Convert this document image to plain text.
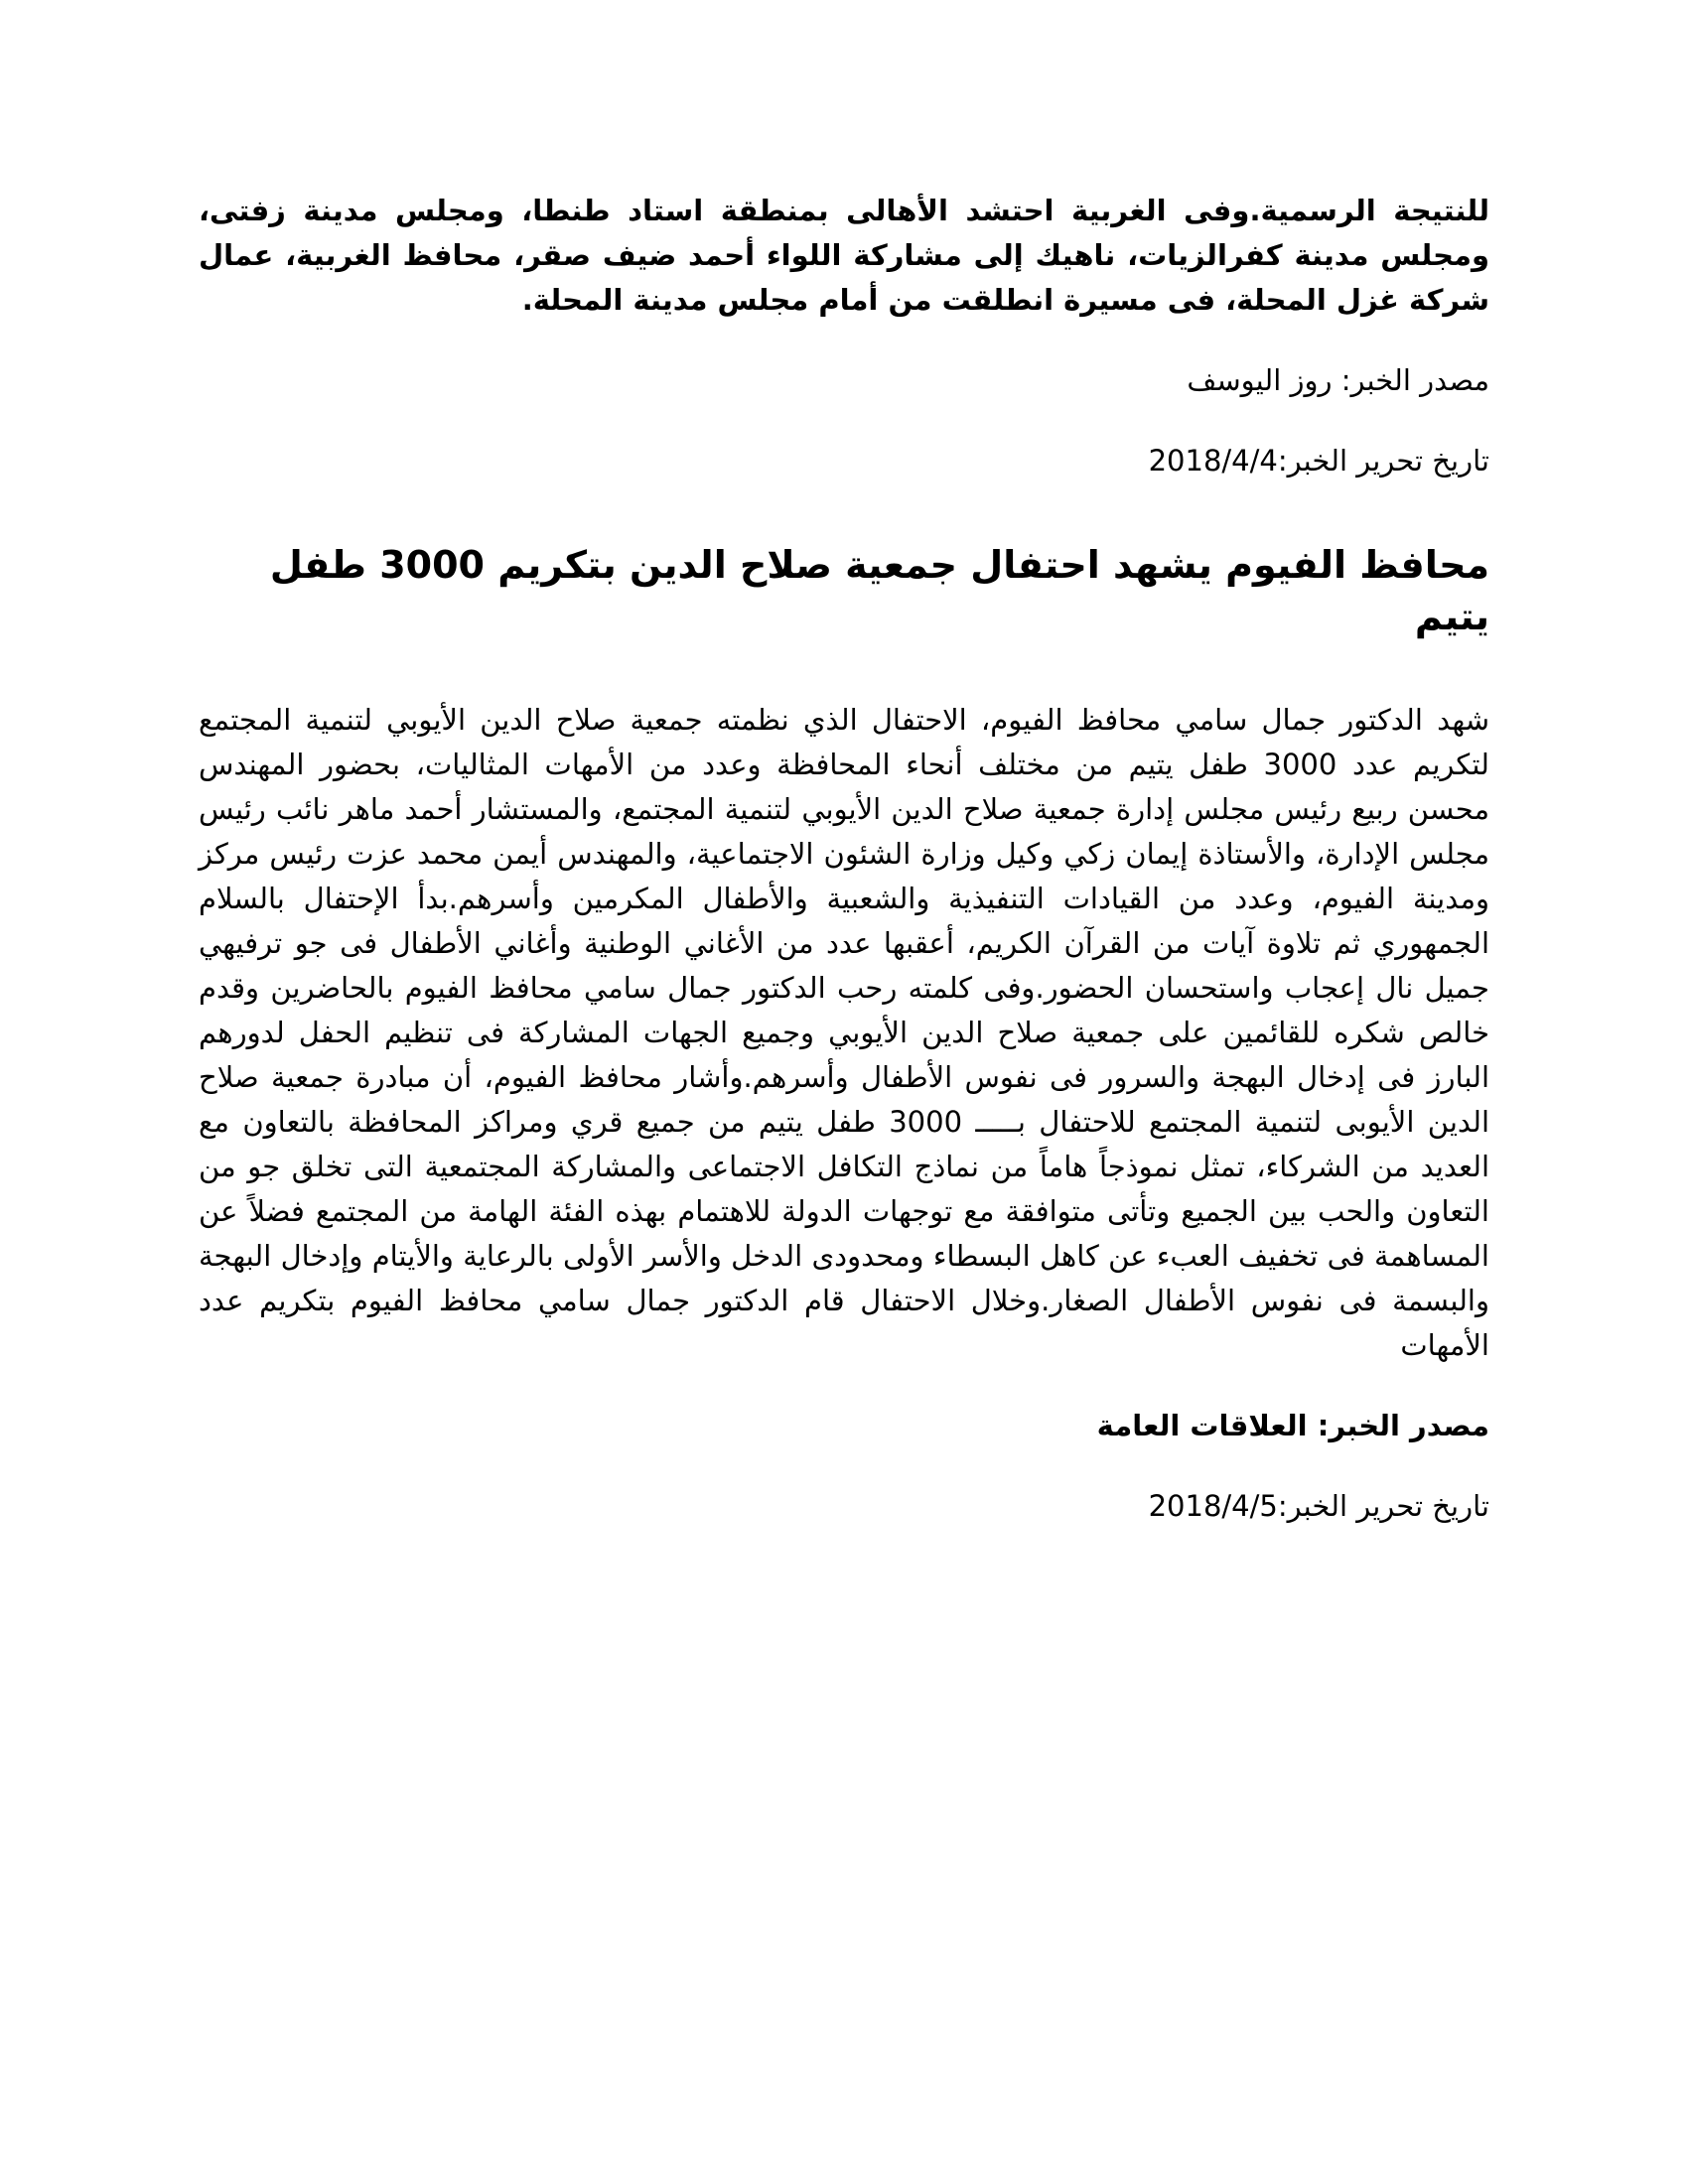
للنتيجة الرسمية.وفى الغربية احتشد الأهالى بمنطقة استاد طنطا، ومجلس مدينة زفتى، ومجلس مدينة كفرالزيات، ناهيك إلى مشاركة اللواء أحمد ضيف صقر، محافظ الغربية، عمال شركة غزل المحلة، فى مسيرة انطلقت من أمام مجلس مدينة المحلة.

مصدر الخبر: روز اليوسف

تاريخ تحرير الخبر:2018/4/4

محافظ الفيوم يشهد احتفال جمعية صلاح الدين بتكريم 3000 طفل يتيم

شهد الدكتور جمال سامي محافظ الفيوم، الاحتفال الذي نظمته جمعية صلاح الدين الأيوبي لتنمية المجتمع لتكريم عدد 3000 طفل يتيم من مختلف أنحاء المحافظة وعدد من الأمهات المثاليات، بحضور المهندس محسن ربيع رئيس مجلس إدارة جمعية صلاح الدين الأيوبي لتنمية المجتمع، والمستشار أحمد ماهر نائب رئيس مجلس الإدارة، والأستاذة إيمان زكي وكيل وزارة الشئون الاجتماعية، والمهندس أيمن محمد عزت رئيس مركز ومدينة الفيوم، وعدد من القيادات التنفيذية والشعبية والأطفال المكرمين وأسرهم.بدأ الإحتفال بالسلام الجمهوري ثم تلاوة آيات من القرآن الكريم، أعقبها عدد من الأغاني الوطنية وأغاني الأطفال فى جو ترفيهي جميل نال إعجاب واستحسان الحضور.وفى كلمته رحب الدكتور جمال سامي محافظ الفيوم بالحاضرين وقدم خالص شكره للقائمين على جمعية صلاح الدين الأيوبي وجميع الجهات المشاركة فى تنظيم الحفل لدورهم البارز فى إدخال البهجة والسرور فى نفوس الأطفال وأسرهم.وأشار محافظ الفيوم، أن مبادرة جمعية صلاح الدين الأيوبى لتنمية المجتمع للاحتفال بـــــ 3000 طفل يتيم من جميع قري ومراكز المحافظة بالتعاون مع العديد من الشركاء، تمثل نموذجاً هاماً من نماذج التكافل الاجتماعى والمشاركة المجتمعية التى تخلق جو من التعاون والحب بين الجميع وتأتى متوافقة مع توجهات الدولة للاهتمام بهذه الفئة الهامة من المجتمع فضلاً عن المساهمة فى تخفيف العبء عن كاهل البسطاء ومحدودى الدخل والأسر الأولى بالرعاية والأيتام وإدخال البهجة والبسمة فى نفوس الأطفال الصغار.وخلال الاحتفال قام الدكتور جمال سامي محافظ الفيوم بتكريم عدد الأمهات

مصدر الخبر: العلاقات العامة

تاريخ تحرير الخبر:2018/4/5
